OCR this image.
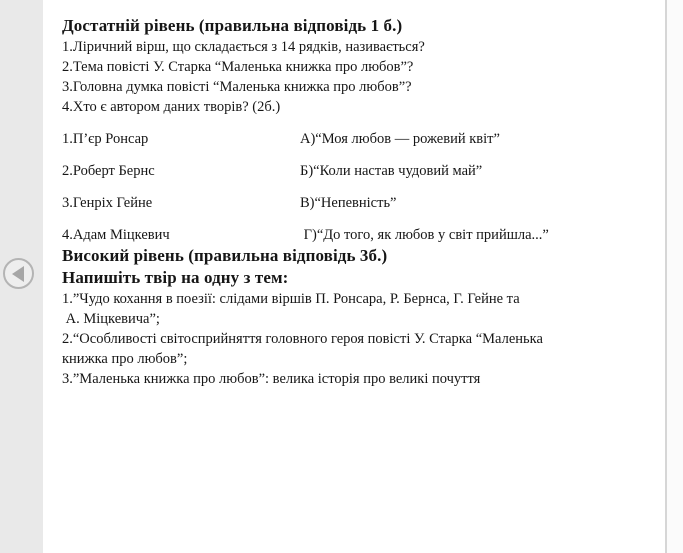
Достатній рівень (правильна відповідь 1 б.)

1.Ліричний вірш, що складається з 14 рядків, називається?

2.Тема повісті У. Старка “Маленька книжка про любов”?

3.Головна думка повісті “Маленька книжка про любов”?

4.Хто є автором даних творів? (2б.)

1.П’єр Ронсар	А)“Моя любов — рожевий квіт”
2.Роберт Бернс	Б)“Коли настав чудовий май”
3.Генріх Гейне	В)“Непевність”
4.Адам Міцкевич	Г)“До того, як любов у світ прийшла...”
Високий рівень (правильна відповідь 3б.)
Напишіть твір на одну з тем:

1.”Чудо кохання в поезії: слідами віршів П. Ронсара, Р. Бернса, Г. Гейне та

А. Міцкевича”;

2.“Особливості світосприйняття головного героя повісті У. Старка “Маленька

книжка про любов”;

3.”Маленька книжка про любов”: велика історія про великі почуття
